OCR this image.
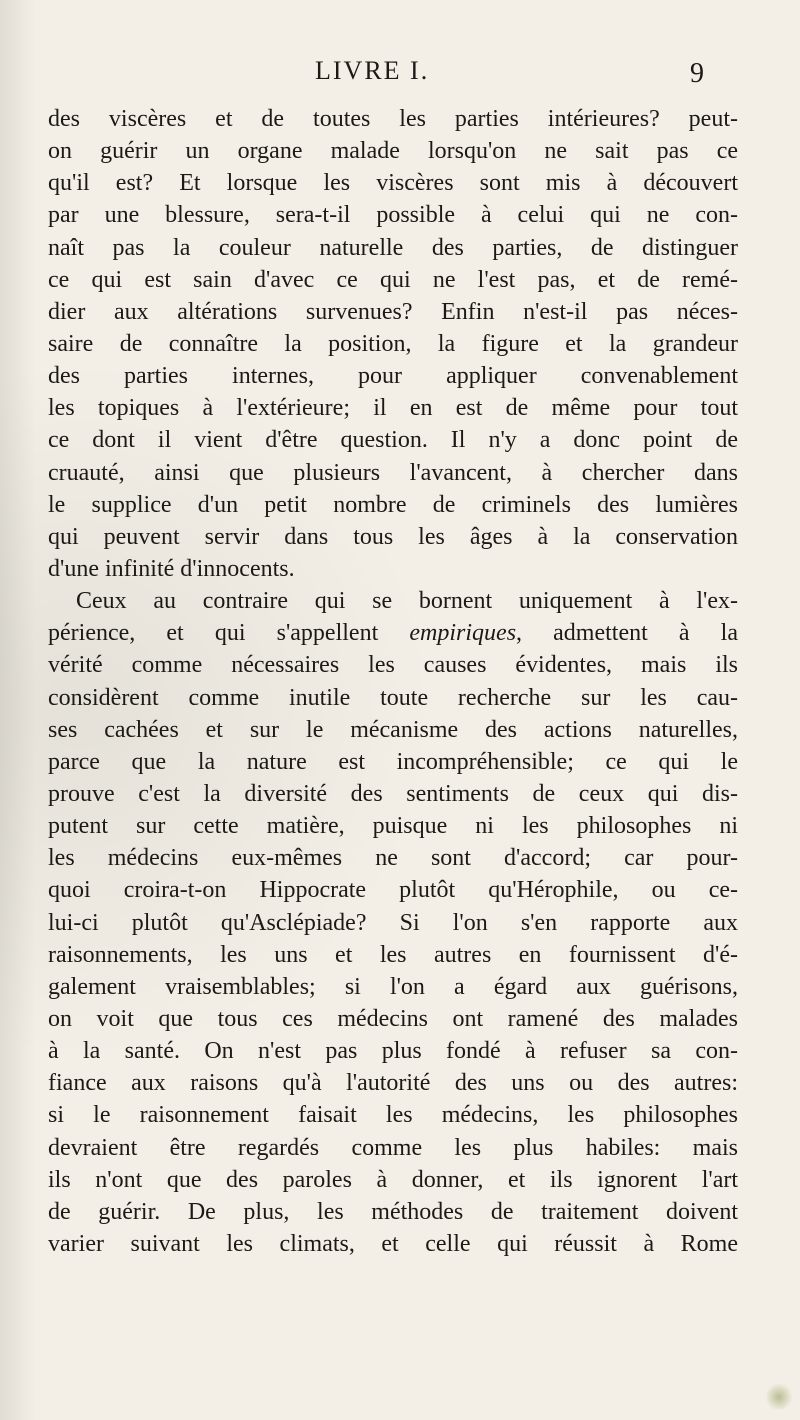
LIVRE I.	9
des viscères et de toutes les parties intérieures? peut-
on guérir un organe malade lorsqu'on ne sait pas ce
qu'il est? Et lorsque les viscères sont mis à découvert
par une blessure, sera-t-il possible à celui qui ne con-
naît pas la couleur naturelle des parties, de distinguer
ce qui est sain d'avec ce qui ne l'est pas, et de remé-
dier aux altérations survenues? Enfin n'est-il pas néces-
saire de connaître la position, la figure et la grandeur
des parties internes, pour appliquer convenablement
les topiques à l'extérieure; il en est de même pour tout
ce dont il vient d'être question. Il n'y a donc point de
cruauté, ainsi que plusieurs l'avancent, à chercher dans
le supplice d'un petit nombre de criminels des lumières
qui peuvent servir dans tous les âges à la conservation
d'une infinité d'innocents.
Ceux au contraire qui se bornent uniquement à l'ex-
périence, et qui s'appellent empiriques, admettent à la
vérité comme nécessaires les causes évidentes, mais ils
considèrent comme inutile toute recherche sur les cau-
ses cachées et sur le mécanisme des actions naturelles,
parce que la nature est incompréhensible; ce qui le
prouve c'est la diversité des sentiments de ceux qui dis-
putent sur cette matière, puisque ni les philosophes ni
les médecins eux-mêmes ne sont d'accord; car pour-
quoi croira-t-on Hippocrate plutôt qu'Hérophile, ou ce-
lui-ci plutôt qu'Asclépiade? Si l'on s'en rapporte aux
raisonnements, les uns et les autres en fournissent d'é-
galement vraisemblables; si l'on a égard aux guérisons,
on voit que tous ces médecins ont ramené des malades
à la santé. On n'est pas plus fondé à refuser sa con-
fiance aux raisons qu'à l'autorité des uns ou des autres:
si le raisonnement faisait les médecins, les philosophes
devraient être regardés comme les plus habiles: mais
ils n'ont que des paroles à donner, et ils ignorent l'art
de guérir. De plus, les méthodes de traitement doivent
varier suivant les climats, et celle qui réussit à Rome
